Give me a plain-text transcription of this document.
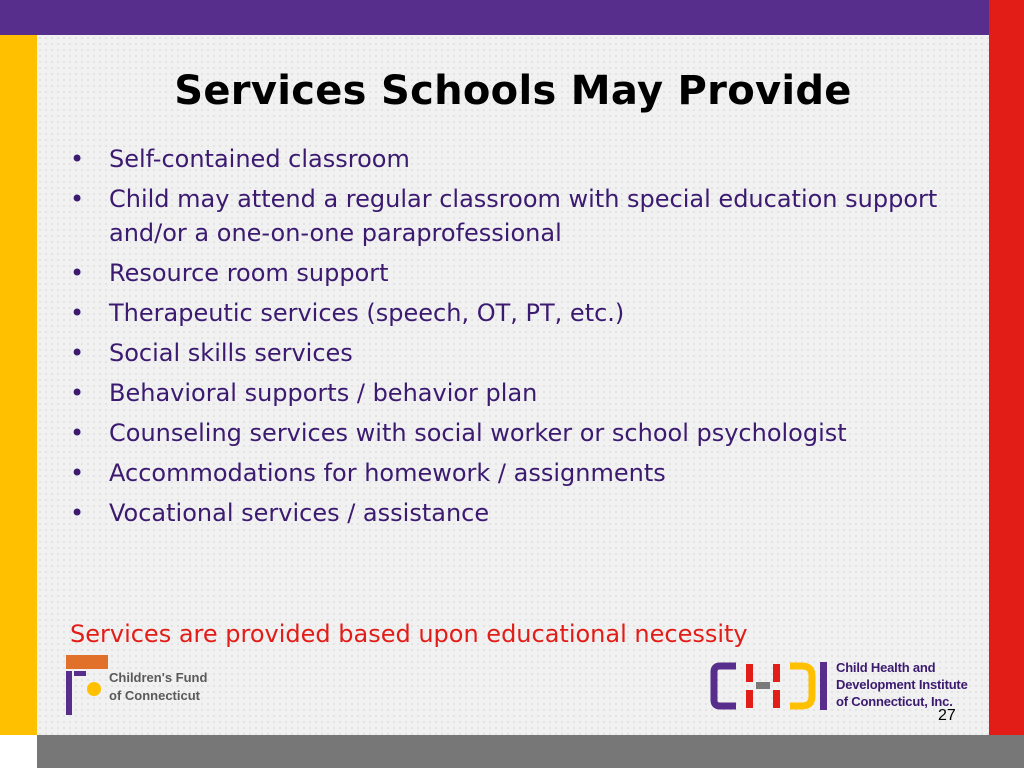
Services Schools May Provide
• Self-contained classroom
• Child may attend a regular classroom with special education support and/or a one-on-one paraprofessional
• Resource room support
• Therapeutic services (speech, OT, PT, etc.)
• Social skills services
• Behavioral supports / behavior plan
• Counseling services with social worker or school psychologist
• Accommodations for homework / assignments
• Vocational services / assistance

Services are provided based upon educational necessity

Children's Fund
of Connecticut
Child Health and
Development Institute
of Connecticut, Inc.
27
